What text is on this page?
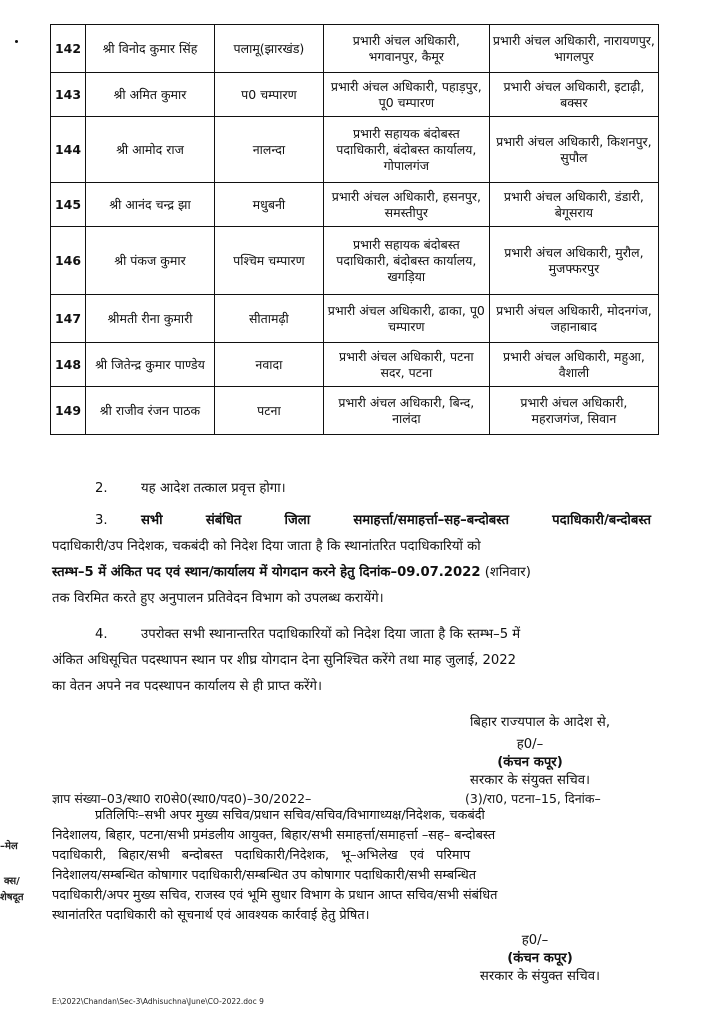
142	श्री विनोद कुमार सिंह	पलामू(झारखंड)	प्रभारी अंचल अधिकारी, भगवानपुर, कैमूर	प्रभारी अंचल अधिकारी, नारायणपुर, भागलपुर
143	श्री अमित कुमार	प0 चम्पारण	प्रभारी अंचल अधिकारी, पहाड़पुर, पू0 चम्पारण	प्रभारी अंचल अधिकारी, इटाढ़ी, बक्सर
144	श्री आमोद राज	नालन्दा	प्रभारी सहायक बंदोबस्त पदाधिकारी, बंदोबस्त कार्यालय, गोपालगंज	प्रभारी अंचल अधिकारी, किशनपुर, सुपौल
145	श्री आनंद चन्द्र झा	मधुबनी	प्रभारी अंचल अधिकारी, हसनपुर, समस्तीपुर	प्रभारी अंचल अधिकारी, डंडारी, बेगूसराय
146	श्री पंकज कुमार	पश्चिम चम्पारण	प्रभारी सहायक बंदोबस्त पदाधिकारी, बंदोबस्त कार्यालय, खगड़िया	प्रभारी अंचल अधिकारी, मुरौल, मुजफ्फरपुर
147	श्रीमती रीना कुमारी	सीतामढ़ी	प्रभारी अंचल अधिकारी, ढाका, पू0 चम्पारण	प्रभारी अंचल अधिकारी, मोदनगंज, जहानाबाद
148	श्री जितेन्द्र कुमार पाण्डेय	नवादा	प्रभारी अंचल अधिकारी, पटना सदर, पटना	प्रभारी अंचल अधिकारी, महुआ, वैशाली
149	श्री राजीव रंजन पाठक	पटना	प्रभारी अंचल अधिकारी, बिन्द, नालंदा	प्रभारी अंचल अधिकारी, महराजगंज, सिवान
2.	यह आदेश तत्काल प्रवृत्त होगा।
3.	सभी संबंधित जिला समाहर्त्ता/समाहर्त्ता–सह–बन्दोबस्त पदाधिकारी/बन्दोबस्त
पदाधिकारी/उप निदेशक, चकबंदी को निदेश दिया जाता है कि स्थानांतरित पदाधिकारियों को
स्तम्भ–5 में अंकित पद एवं स्थान/कार्यालय में योगदान करने हेतु दिनांक–09.07.2022 (शनिवार)
तक विरमित करते हुए अनुपालन प्रतिवेदन विभाग को उपलब्ध करायेंगे।
4.	उपरोक्त सभी स्थानान्तरित पदाधिकारियों को निदेश दिया जाता है कि स्तम्भ–5 में
अंकित अधिसूचित पदस्थापन स्थान पर शीघ्र योगदान देना सुनिश्चित करेंगे तथा माह जुलाई, 2022
का वेतन अपने नव पदस्थापन कार्यालय से ही प्राप्त करेंगे।
बिहार राज्यपाल के आदेश से,
ह0/–
(कंचन कपूर)
सरकार के संयुक्त सचिव।
ज्ञाप संख्या–03/स्था0 रा0से0(स्था0/पद0)–30/2022–	(3)/रा0, पटना–15, दिनांक–
प्रतिलिपिः–सभी अपर मुख्य सचिव/प्रधान सचिव/सचिव/विभागाध्यक्ष/निदेशक, चकबंदी
निदेशालय, बिहार, पटना/सभी प्रमंडलीय आयुक्त, बिहार/सभी समाहर्त्ता/समाहर्त्ता –सह– बन्दोबस्त
पदाधिकारी, बिहार/सभी बन्दोबस्त पदाधिकारी/निदेशक, भू–अभिलेख एवं परिमाप
निदेशालय/सम्बन्धित कोषागार पदाधिकारी/सम्बन्धित उप कोषागार पदाधिकारी/सभी सम्बन्धित
पदाधिकारी/अपर मुख्य सचिव, राजस्व एवं भूमि सुधार विभाग के प्रधान आप्त सचिव/सभी संबंधित
स्थानांतरित पदाधिकारी को सूचनार्थ एवं आवश्यक कार्रवाई हेतु प्रेषित।
ह0/–
(कंचन कपूर)
सरकार के संयुक्त सचिव।
–मेल
क्स/
शेषदूत
E:\2022\Chandan\Sec-3\Adhisuchna\June\CO-2022.doc 9
